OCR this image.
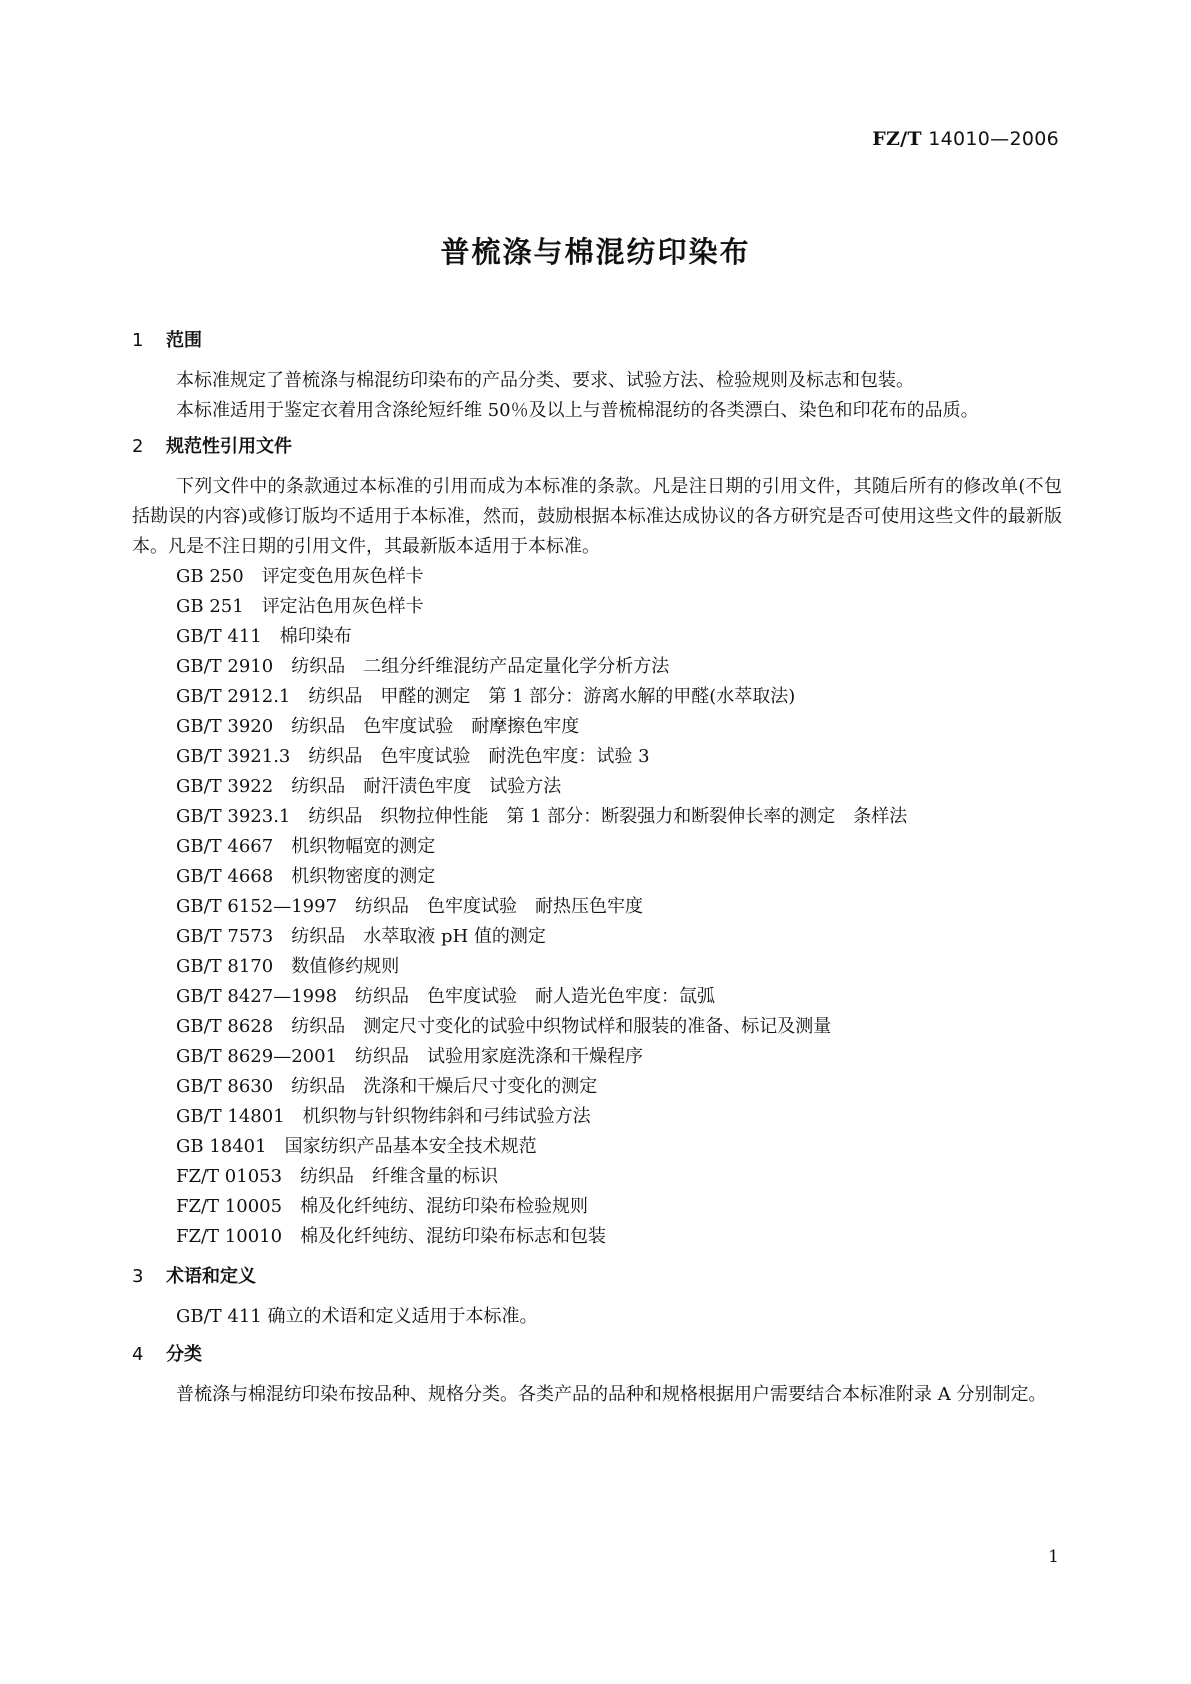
FZ/T 14010—2006
普梳涤与棉混纺印染布
1 范围

本标准规定了普梳涤与棉混纺印染布的产品分类、要求、试验方法、检验规则及标志和包装。

本标准适用于鉴定衣着用含涤纶短纤维 50％及以上与普梳棉混纺的各类漂白、染色和印花布的品质。

2 规范性引用文件

下列文件中的条款通过本标准的引用而成为本标准的条款。凡是注日期的引用文件，其随后所有的修改单(不包括勘误的内容)或修订版均不适用于本标准，然而，鼓励根据本标准达成协议的各方研究是否可使用这些文件的最新版本。凡是不注日期的引用文件，其最新版本适用于本标准。

GB 250 评定变色用灰色样卡
GB 251 评定沾色用灰色样卡
GB/T 411 棉印染布
GB/T 2910 纺织品　二组分纤维混纺产品定量化学分析方法
GB/T 2912.1 纺织品　甲醛的测定　第 1 部分：游离水解的甲醛(水萃取法)
GB/T 3920 纺织品　色牢度试验　耐摩擦色牢度
GB/T 3921.3 纺织品　色牢度试验　耐洗色牢度：试验 3
GB/T 3922 纺织品　耐汗渍色牢度　试验方法
GB/T 3923.1 纺织品　织物拉伸性能　第 1 部分：断裂强力和断裂伸长率的测定　条样法
GB/T 4667 机织物幅宽的测定
GB/T 4668 机织物密度的测定
GB/T 6152—1997 纺织品　色牢度试验　耐热压色牢度
GB/T 7573 纺织品　水萃取液 pH 值的测定
GB/T 8170 数值修约规则
GB/T 8427—1998 纺织品　色牢度试验　耐人造光色牢度：氙弧
GB/T 8628 纺织品　测定尺寸变化的试验中织物试样和服装的准备、标记及测量
GB/T 8629—2001 纺织品　试验用家庭洗涤和干燥程序
GB/T 8630 纺织品　洗涤和干燥后尺寸变化的测定
GB/T 14801 机织物与针织物纬斜和弓纬试验方法
GB 18401 国家纺织产品基本安全技术规范
FZ/T 01053 纺织品　纤维含量的标识
FZ/T 10005 棉及化纤纯纺、混纺印染布检验规则
FZ/T 10010 棉及化纤纯纺、混纺印染布标志和包装
3 术语和定义

GB/T 411 确立的术语和定义适用于本标准。

4 分类

普梳涤与棉混纺印染布按品种、规格分类。各类产品的品种和规格根据用户需要结合本标准附录 A 分别制定。

1
